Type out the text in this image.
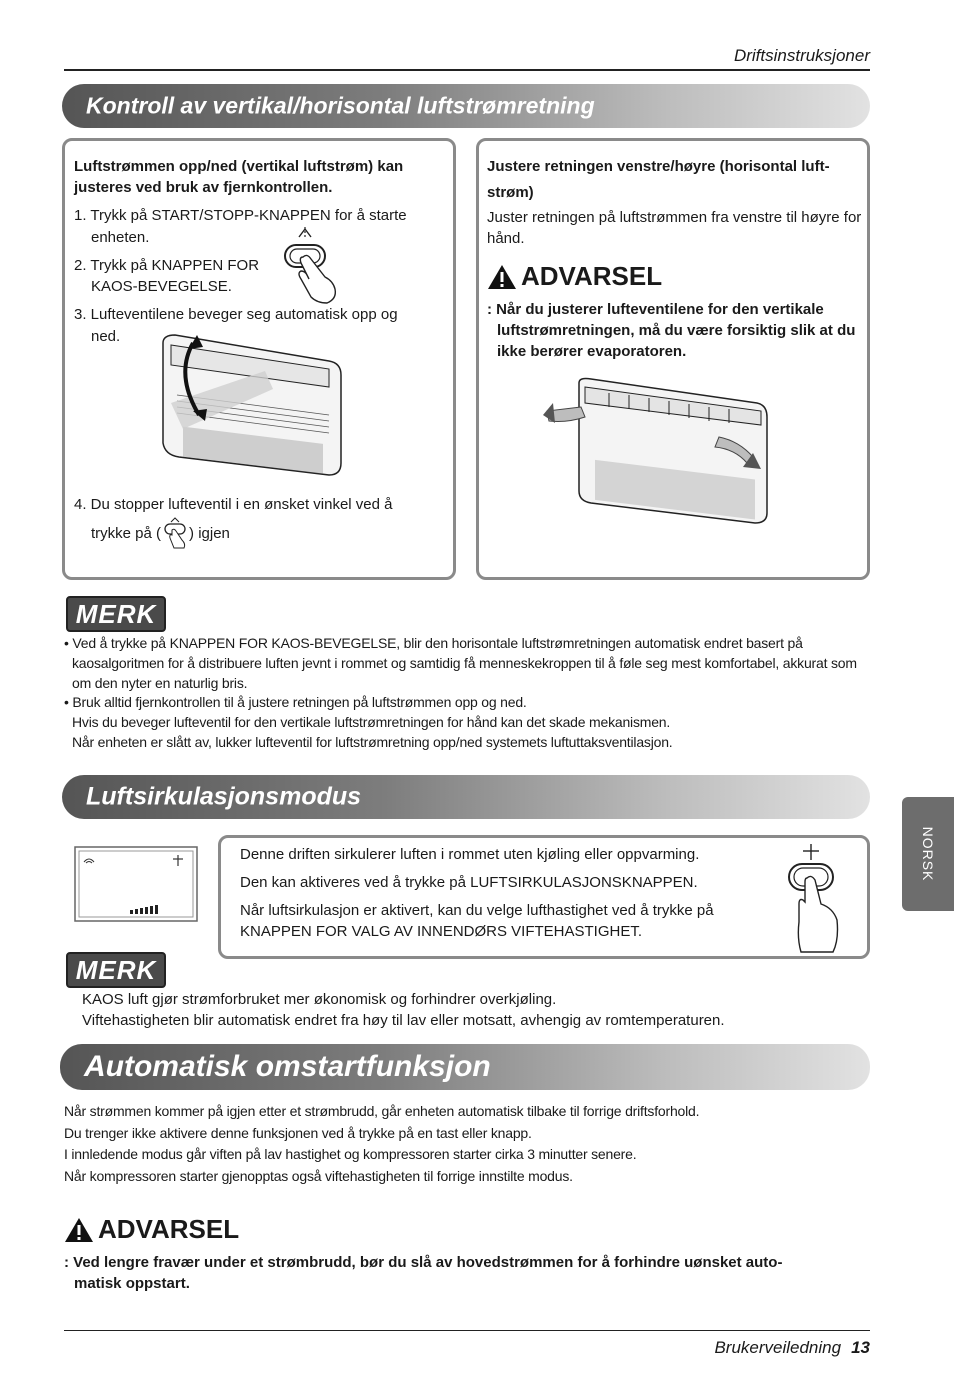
Driftsinstruksjoner
Kontroll av vertikal/horisontal luftstrømretning
Luftstrømmen opp/ned (vertikal luftstrøm) kan justeres ved bruk av fjernkontrollen.
1. Trykk på START/STOPP-KNAPPEN for å starte
enheten.
2. Trykk på KNAPPEN FOR
KAOS-BEVEGELSE.
3. Lufteventilene beveger seg automatisk opp og
ned.
4. Du stopper lufteventil i en ønsket vinkel ved å
trykke på ( ) igjen
Justere retningen venstre/høyre (horisontal luft-
strøm)
Juster retningen på luftstrømmen fra venstre til høyre for hånd.
ADVARSEL
: Når du justerer lufteventilene for den vertikale luftstrømretningen, må du være forsiktig slik at du ikke berører evaporatoren.
MERK
• Ved å trykke på KNAPPEN FOR KAOS-BEVEGELSE, blir den horisontale luftstrømretningen automatisk endret basert på kaosalgoritmen for å distribuere luften jevnt i rommet og samtidig få menneskekroppen til å føle seg mest komfortabel, akkurat som om den nyter en naturlig bris.
• Bruk alltid fjernkontrollen til å justere retningen på luftstrømmen opp og ned.
Hvis du beveger lufteventil for den vertikale luftstrømretningen for hånd kan det skade mekanismen.
Når enheten er slått av, lukker lufteventil for luftstrømretning opp/ned systemets luftuttaksventilasjon.
Luftsirkulasjonsmodus
Denne driften sirkulerer luften i rommet uten kjøling eller oppvarming.
Den kan aktiveres ved å trykke på LUFTSIRKULASJONSKNAPPEN.
Når luftsirkulasjon er aktivert, kan du velge lufthastighet ved å trykke på KNAPPEN FOR VALG AV INNENDØRS VIFTEHASTIGHET.
MERK
KAOS luft gjør strømforbruket mer økonomisk og forhindrer overkjøling.
Viftehastigheten blir automatisk endret fra høy til lav eller motsatt, avhengig av romtemperaturen.
Automatisk omstartfunksjon
Når strømmen kommer på igjen etter et strømbrudd, går enheten automatisk tilbake til forrige driftsforhold.
Du trenger ikke aktivere denne funksjonen ved å trykke på en tast eller knapp.
I innledende modus går viften på lav hastighet og kompressoren starter cirka 3 minutter senere.
Når kompressoren starter gjenopptas også viftehastigheten til forrige innstilte modus.
ADVARSEL
: Ved lengre fravær under et strømbrudd, bør du slå av hovedstrømmen for å forhindre uønsket auto-
matisk oppstart.
NORSK
Brukerveiledning 13
